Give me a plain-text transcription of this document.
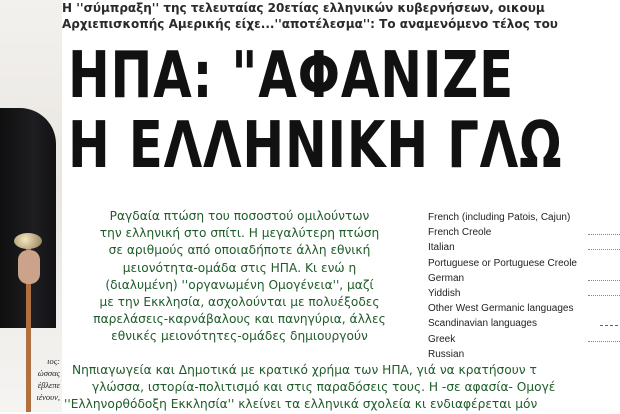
ιος:
ώσσας
έβλεπε
ιένουν,
Η ''σύμπραξη'' της τελευταίας 20ετίας ελληνικών κυβερνήσεων, οικουμ
Αρχιεπισκοπής Αμερικής είχε...''αποτέλεσμα'': Το αναμενόμενο τέλος του
ΗΠΑ: "ΑΦΑΝΙΖΕ
Η ΕΛΛΗΝΙΚΗ ΓΛΩ
Ραγδαία πτώση του ποσοστού ομιλούντων
την ελληνική στο σπίτι. Η μεγαλύτερη πτώση
σε αριθμούς από οποιαδήποτε άλλη εθνική
μειονότητα-ομάδα στις ΗΠΑ. Κι ενώ η
(διαλυμένη) ''οργανωμένη Ομογένεια'', μαζί
με την Εκκλησία, ασχολούνται με πολυέξοδες
παρελάσεις-καρνάβαλους και πανηγύρια, άλλες
εθνικές μειονότητες-ομάδες δημιουργούν
Νηπιαγωγεία και Δημοτικά με κρατικό χρήμα των ΗΠΑ, γιά να κρατήσουν τ
γλώσσα, ιστορία-πολιτισμό και στις παραδόσεις τους. Η -σε αφασία- Ομογέ
''Ελληνορθόδοξη Εκκλησία'' κλείνει τα ελληνικά σχολεία κι ενδιαφέρεται μόν
French (including Patois, Cajun)
French Creole
Italian
Portuguese or Portuguese Creole
German
Yiddish
Other West Germanic languages
Scandinavian languages
Greek
Russian
